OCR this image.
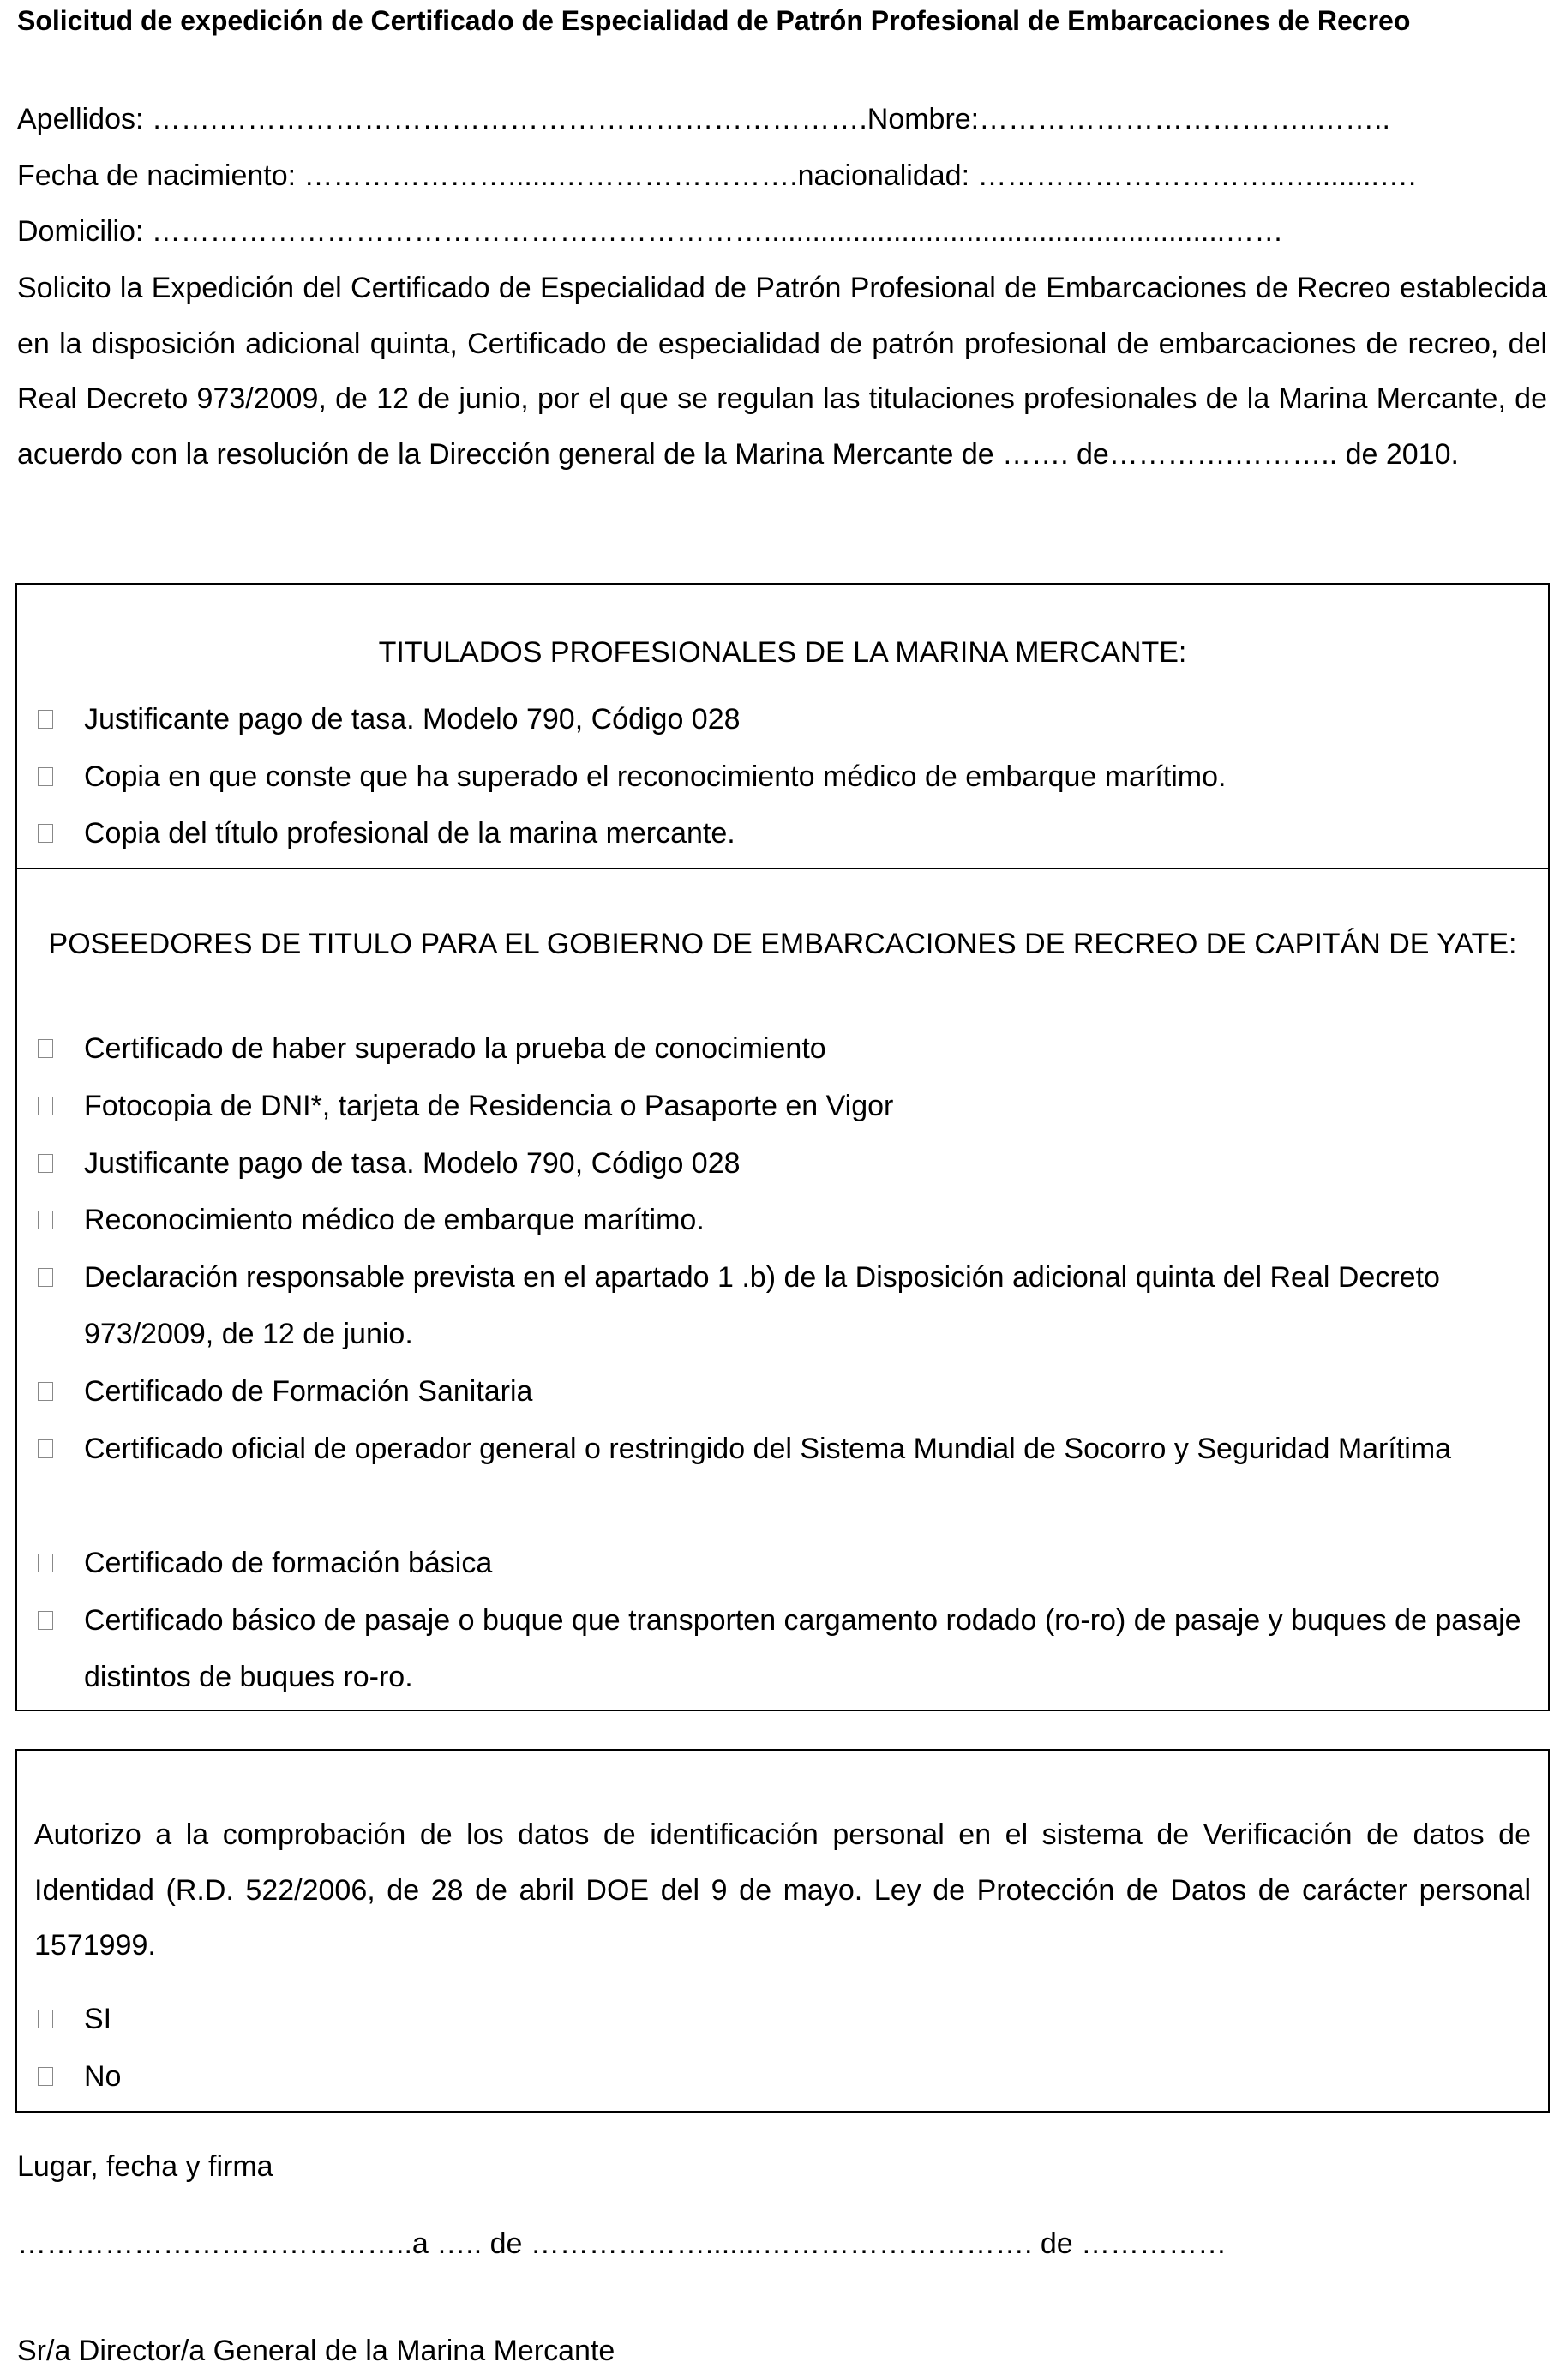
Solicitud de expedición de Certificado de Especialidad de Patrón Profesional de Embarcaciones de Recreo
Apellidos: …….………………………………………………………….Nombre:……………………………..……..
Fecha de nacimiento: …………………......…………………….nacionalidad: …………………………..…........….
Domicilio: ……………………………………………………….........................................................……
Solicito la Expedición del Certificado de Especialidad de Patrón Profesional de Embarcaciones de Recreo establecida en la disposición adicional quinta, Certificado de especialidad de patrón profesional de embarcaciones de recreo, del Real Decreto 973/2009, de 12 de junio, por el que se regulan las titulaciones profesionales de la Marina Mercante, de acuerdo con la resolución de la Dirección general de la Marina Mercante de ……. de………….……….. de 2010.
TITULADOS PROFESIONALES DE LA MARINA MERCANTE:
Justificante pago de tasa. Modelo 790, Código 028
Copia en que conste que ha superado el reconocimiento médico de embarque marítimo.
Copia del título profesional de la marina mercante.
POSEEDORES DE TITULO PARA EL GOBIERNO DE EMBARCACIONES DE RECREO DE CAPITÁN DE YATE:
Certificado de haber superado la prueba de conocimiento
Fotocopia de DNI*, tarjeta de Residencia o Pasaporte en Vigor
Justificante pago de tasa. Modelo 790, Código 028
Reconocimiento médico de embarque marítimo.
Declaración responsable prevista en el apartado 1 .b) de la Disposición adicional quinta del Real Decreto 973/2009, de 12 de junio.
Certificado de Formación Sanitaria
Certificado oficial de operador general o restringido del Sistema Mundial de Socorro y Seguridad Marítima
Certificado de formación básica
Certificado básico de pasaje o buque que transporten cargamento rodado (ro-ro) de pasaje y buques de pasaje distintos de buques ro-ro.
Autorizo a la comprobación de los datos de identificación personal en el sistema de Verificación de datos de Identidad (R.D. 522/2006, de 28 de abril DOE del 9 de mayo. Ley de Protección de Datos de carácter personal 1571999.
SI
No
Lugar, fecha y firma
…………………………………..a ….. de ……………….......………………………. de ……………
Sr/a Director/a General de la Marina Mercante
